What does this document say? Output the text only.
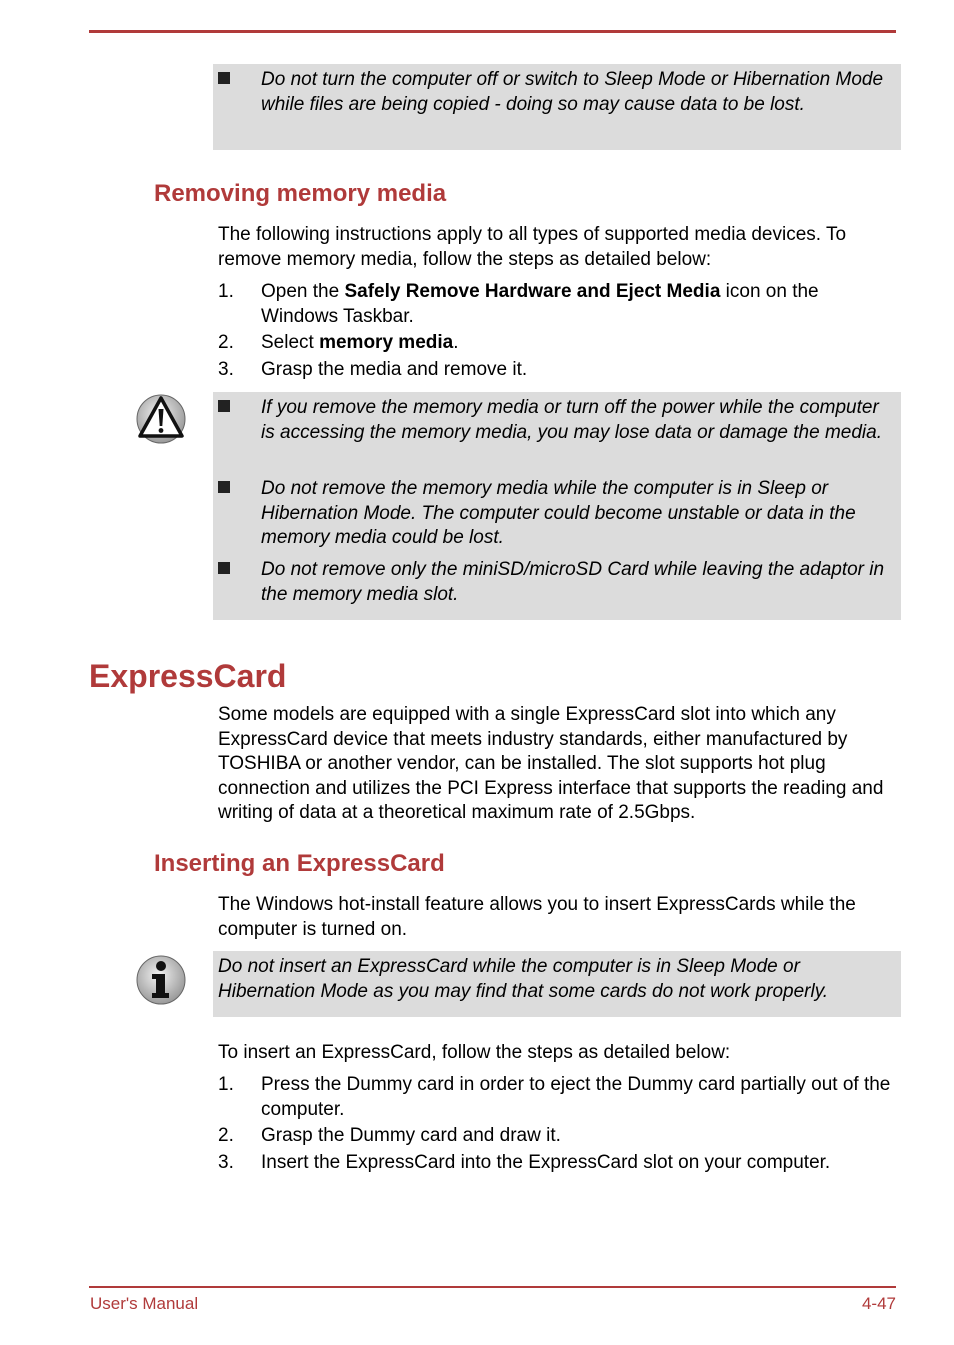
Do not turn the computer off or switch to Sleep Mode or Hibernation Mode while files are being copied - doing so may cause data to be lost.
Removing memory media

The following instructions apply to all types of supported media devices. To remove memory media, follow the steps as detailed below:

1. Open the Safely Remove Hardware and Eject Media icon on the Windows Taskbar.
2. Select memory media.
3. Grasp the media and remove it.
If you remove the memory media or turn off the power while the computer is accessing the memory media, you may lose data or damage the media.
Do not remove the memory media while the computer is in Sleep or Hibernation Mode. The computer could become unstable or data in the memory media could be lost.
Do not remove only the miniSD/microSD Card while leaving the adaptor in the memory media slot.
ExpressCard

Some models are equipped with a single ExpressCard slot into which any ExpressCard device that meets industry standards, either manufactured by TOSHIBA or another vendor, can be installed. The slot supports hot plug connection and utilizes the PCI Express interface that supports the reading and writing of data at a theoretical maximum rate of 2.5Gbps.

Inserting an ExpressCard

The Windows hot-install feature allows you to insert ExpressCards while the computer is turned on.

Do not insert an ExpressCard while the computer is in Sleep Mode or Hibernation Mode as you may find that some cards do not work properly.

To insert an ExpressCard, follow the steps as detailed below:

1. Press the Dummy card in order to eject the Dummy card partially out of the computer.
2. Grasp the Dummy card and draw it.
3. Insert the ExpressCard into the ExpressCard slot on your computer.
User's Manual	4-47
